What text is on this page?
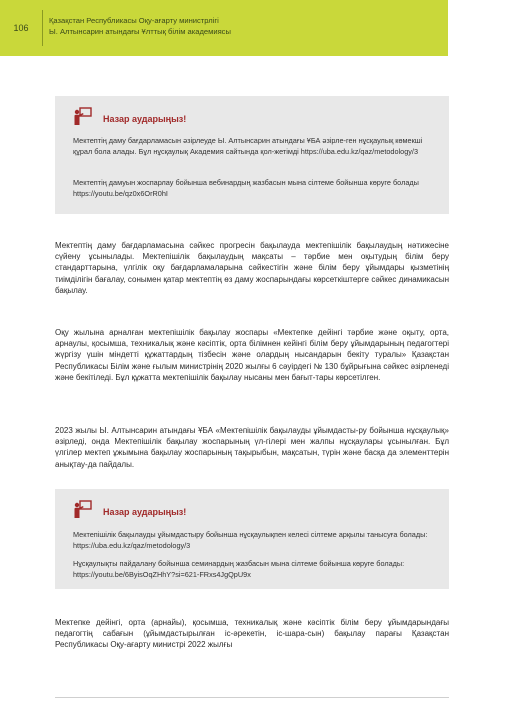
106
Қазақстан Республикасы Оқу-ағарту министрлігі
Ы. Алтынсарин атындағы Ұлттық білім академиясы
Назар аударыңыз!
Мектептің даму бағдарламасын әзірлеуде Ы. Алтынсарин атындағы ҰБА әзірле-ген нұсқаулық көмекші құрал бола алады. Бұл нұсқаулық Академия сайтында қол-жетімді https://uba.edu.kz/qaz/metodology/3
Мектептің дамуын жоспарлау бойынша вебинардың жазбасын мына сілтеме бойынша көруге болады https://youtu.be/qz0x6OrR0hI
Мектептің даму бағдарламасына сәйкес прогресін бақылауда мектепішілік бақылаудың нәтижесіне сүйену ұсынылады. Мектепішілік бақылаудың мақсаты – тәрбие мен оқытудың білім беру стандарттарына, үлгілік оқу бағдарламаларына сәйкестігін және білім беру ұйымдары қызметінің тиімділігін бағалау, сонымен қатар мектептің өз даму жоспарындағы көрсеткіштерге сәйкес динамикасын бақылау.
Оқу жылына арналған мектепішілік бақылау жоспары «Мектепке дейінгі тәрбие және оқыту, орта, арнаулы, қосымша, техникалық және кәсіптік, орта білімнен кейінгі білім беру ұйымдарының педагогтері жүргізу үшін міндетті құжаттардың тізбесін және олардың нысандарын бекіту туралы» Қазақстан Республикасы Білім және ғылым министрінің 2020 жылғы 6 сәуірдегі № 130 бұйрығына сәйкес әзірленеді және бекітіледі. Бұл құжатта мектепішілік бақылау нысаны мен бағыт-тары көрсетілген.
2023 жылы Ы. Алтынсарин атындағы ҰБА «Мектепішілік бақылауды ұйымдасты-ру бойынша нұсқаулық» әзірледі, онда Мектепішілік бақылау жоспарының үл-гілері мен жалпы нұсқаулары ұсынылған. Бұл үлгілер мектеп ұжымына бақылау жоспарының тақырыбын, мақсатын, түрін және басқа да элементтерін анықтау-да пайдалы.
Назар аударыңыз!
Мектепішілік бақылауды ұйымдастыру бойынша нұсқаулықпен келесі сілтеме арқылы танысуға болады: https://uba.edu.kz/qaz/metodology/3
Нұсқаулықты пайдалану бойынша семинардың жазбасын мына сілтеме бойынша көруге болады: https://youtu.be/6ByisOqZHhY?si=621-FRxs4JgQpU9x
Мектепке дейінгі, орта (арнайы), қосымша, техникалық және кәсіптік білім беру ұйымдарындағы педагогтің сабағын (ұйымдастырылған іс-әрекетін, іс-шара-сын) бақылау парағы Қазақстан Республикасы Оқу-ағарту министрі 2022 жылғы
